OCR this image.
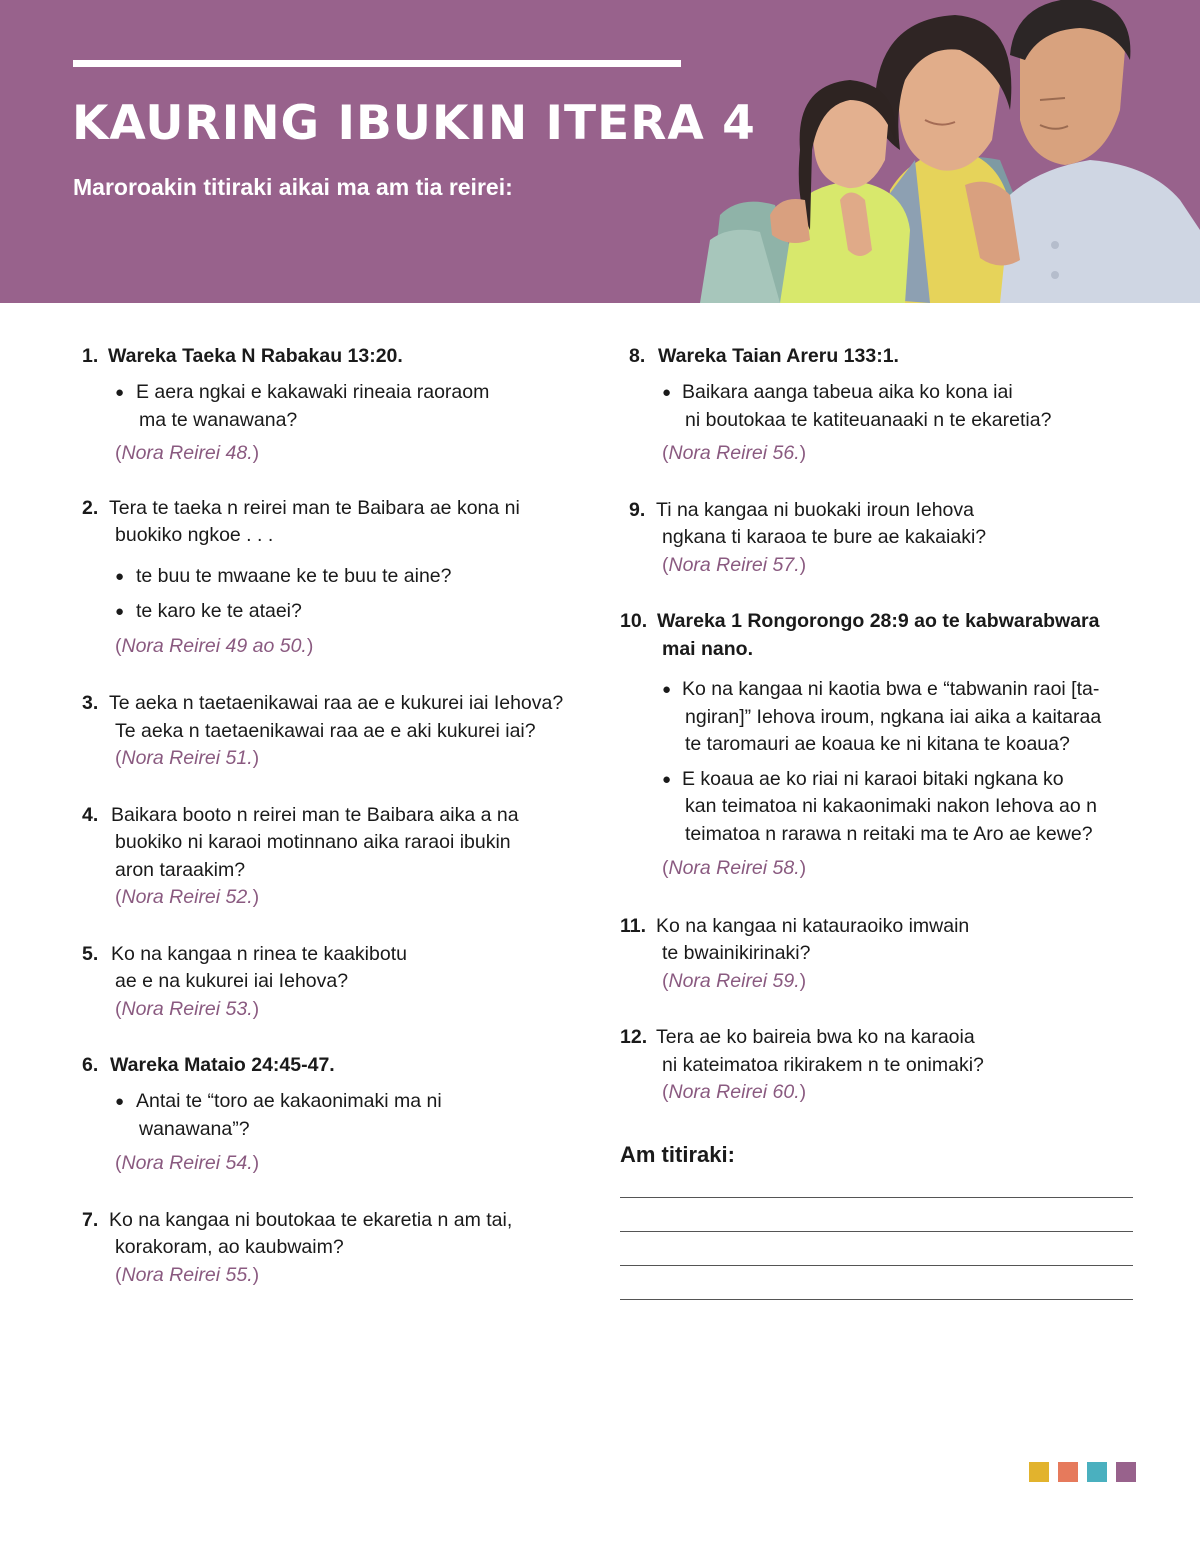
KAURING IBUKIN ITERA 4

Maroroakin titiraki aikai ma am tia reirei:

1. Wareka Taeka N Rabakau 13:20.
● E aera ngkai e kakawaki rineaia raoraom
ma te wanawana?
(Nora Reirei 48.)
2. Tera te taeka n reirei man te Baibara ae kona ni
buokiko ngkoe . . .
● te buu te mwaane ke te buu te aine?
● te karo ke te ataei?
(Nora Reirei 49 ao 50.)
3. Te aeka n taetaenikawai raa ae e kukurei iai Iehova?
Te aeka n taetaenikawai raa ae e aki kukurei iai?
(Nora Reirei 51.)
4. Baikara booto n reirei man te Baibara aika a na
buokiko ni karaoi motinnano aika raraoi ibukin
aron taraakim?
(Nora Reirei 52.)
5. Ko na kangaa n rinea te kaakibotu
ae e na kukurei iai Iehova?
(Nora Reirei 53.)
6. Wareka Mataio 24:45-47.
● Antai te “toro ae kakaonimaki ma ni
wanawana”?
(Nora Reirei 54.)
7. Ko na kangaa ni boutokaa te ekaretia n am tai,
korakoram, ao kaubwaim?
(Nora Reirei 55.)
8. Wareka Taian Areru 133:1.
● Baikara aanga tabeua aika ko kona iai
ni boutokaa te katiteuanaaki n te ekaretia?
(Nora Reirei 56.)
9. Ti na kangaa ni buokaki iroun Iehova
ngkana ti karaoa te bure ae kakaiaki?
(Nora Reirei 57.)
10. Wareka 1 Rongorongo 28:9 ao te kabwarabwara
mai nano.
● Ko na kangaa ni kaotia bwa e “tabwanin raoi [ta-
ngiran]” Iehova iroum, ngkana iai aika a kaitaraa
te taromauri ae koaua ke ni kitana te koaua?
● E koaua ae ko riai ni karaoi bitaki ngkana ko
kan teimatoa ni kakaonimaki nakon Iehova ao n
teimatoa n rarawa n reitaki ma te Aro ae kewe?
(Nora Reirei 58.)
11. Ko na kangaa ni katauraoiko imwain
te bwainikirinaki?
(Nora Reirei 59.)
12. Tera ae ko baireia bwa ko na karaoia
ni kateimatoa rikirakem n te onimaki?
(Nora Reirei 60.)
Am titiraki:
